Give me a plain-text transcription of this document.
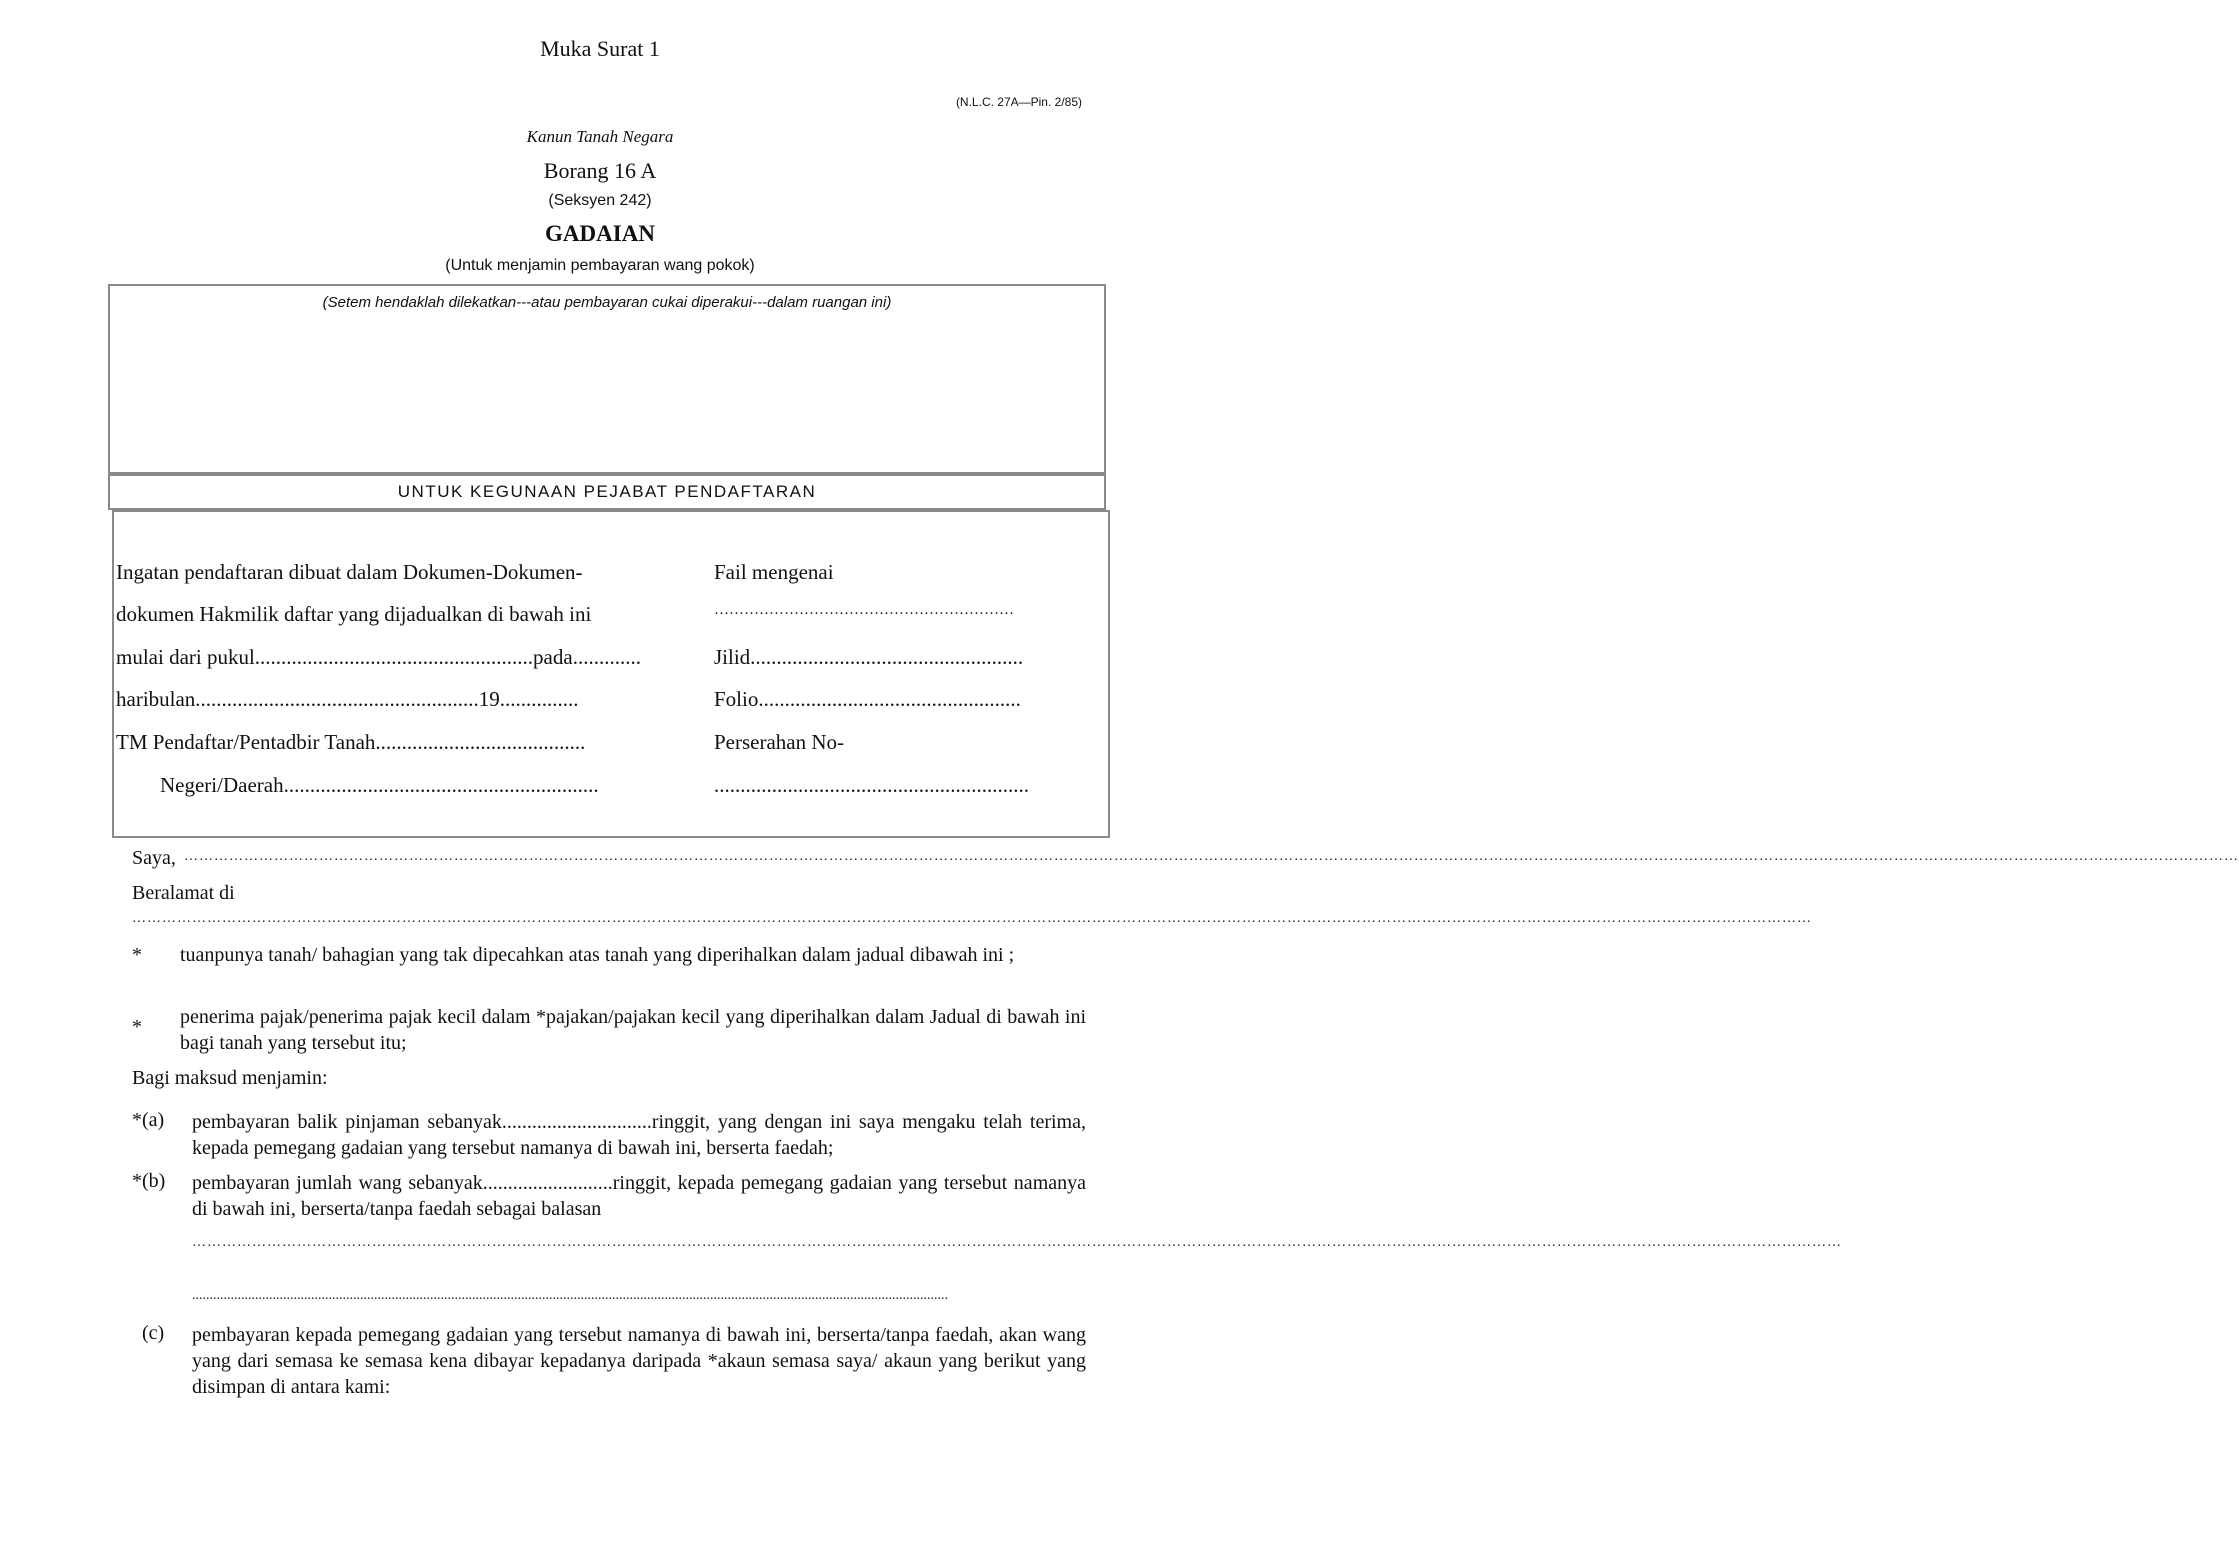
Muka Surat 1
(N.L.C. 27A—Pin. 2/85)
Kanun Tanah Negara
Borang 16 A
(Seksyen 242)
GADAIAN
(Untuk menjamin pembayaran wang pokok)
(Setem hendaklah dilekatkan---atau pembayaran cukai diperakui---dalam ruangan ini)
UNTUK KEGUNAAN PEJABAT PENDAFTARAN
Ingatan pendaftaran dibuat dalam Dokumen-Dokumen-
dokumen Hakmilik daftar yang dijadualkan di bawah ini
mulai dari pukul.....................................................pada.............
haribulan......................................................19...............
TM Pendaftar/Pentadbir Tanah........................................
Negeri/Daerah............................................................
Fail mengenai
……………………………………………………
Jilid....................................................
Folio..................................................
Perserahan No-
............................................................
Saya, ……………………………………………………………………………………………………………………………………………………………………………………………………………………………………………………………………………………………………………………………………………………………………………
Beralamat di
…………………………………………………………………………………………………………………………………………………………………………………………………………………………………………………………………………………………………………
* tuanpunya tanah/ bahagian yang tak dipecahkan atas tanah yang diperihalkan dalam jadual dibawah ini ;
* penerima pajak/penerima pajak kecil dalam *pajakan/pajakan kecil yang diperihalkan dalam Jadual di bawah ini bagi tanah yang tersebut itu;
Bagi maksud menjamin:
*(a) pembayaran balik pinjaman sebanyak..............................ringgit, yang dengan ini saya mengaku telah terima, kepada pemegang gadaian yang tersebut namanya di bawah ini, berserta faedah;
*(b) pembayaran jumlah wang sebanyak..........................ringgit, kepada pemegang gadaian yang tersebut namanya di bawah ini, berserta/tanpa faedah sebagai balasan
……………………………………………………………………………………………………………………………………………………………………………………………………………………………………………………………………………………………………
........................................................................................................................................................................................................................
(c) pembayaran kepada pemegang gadaian yang tersebut namanya di bawah ini, berserta/tanpa faedah, akan wang yang dari semasa ke semasa kena dibayar kepadanya daripada *akaun semasa saya/ akaun yang berikut yang disimpan di antara kami:
